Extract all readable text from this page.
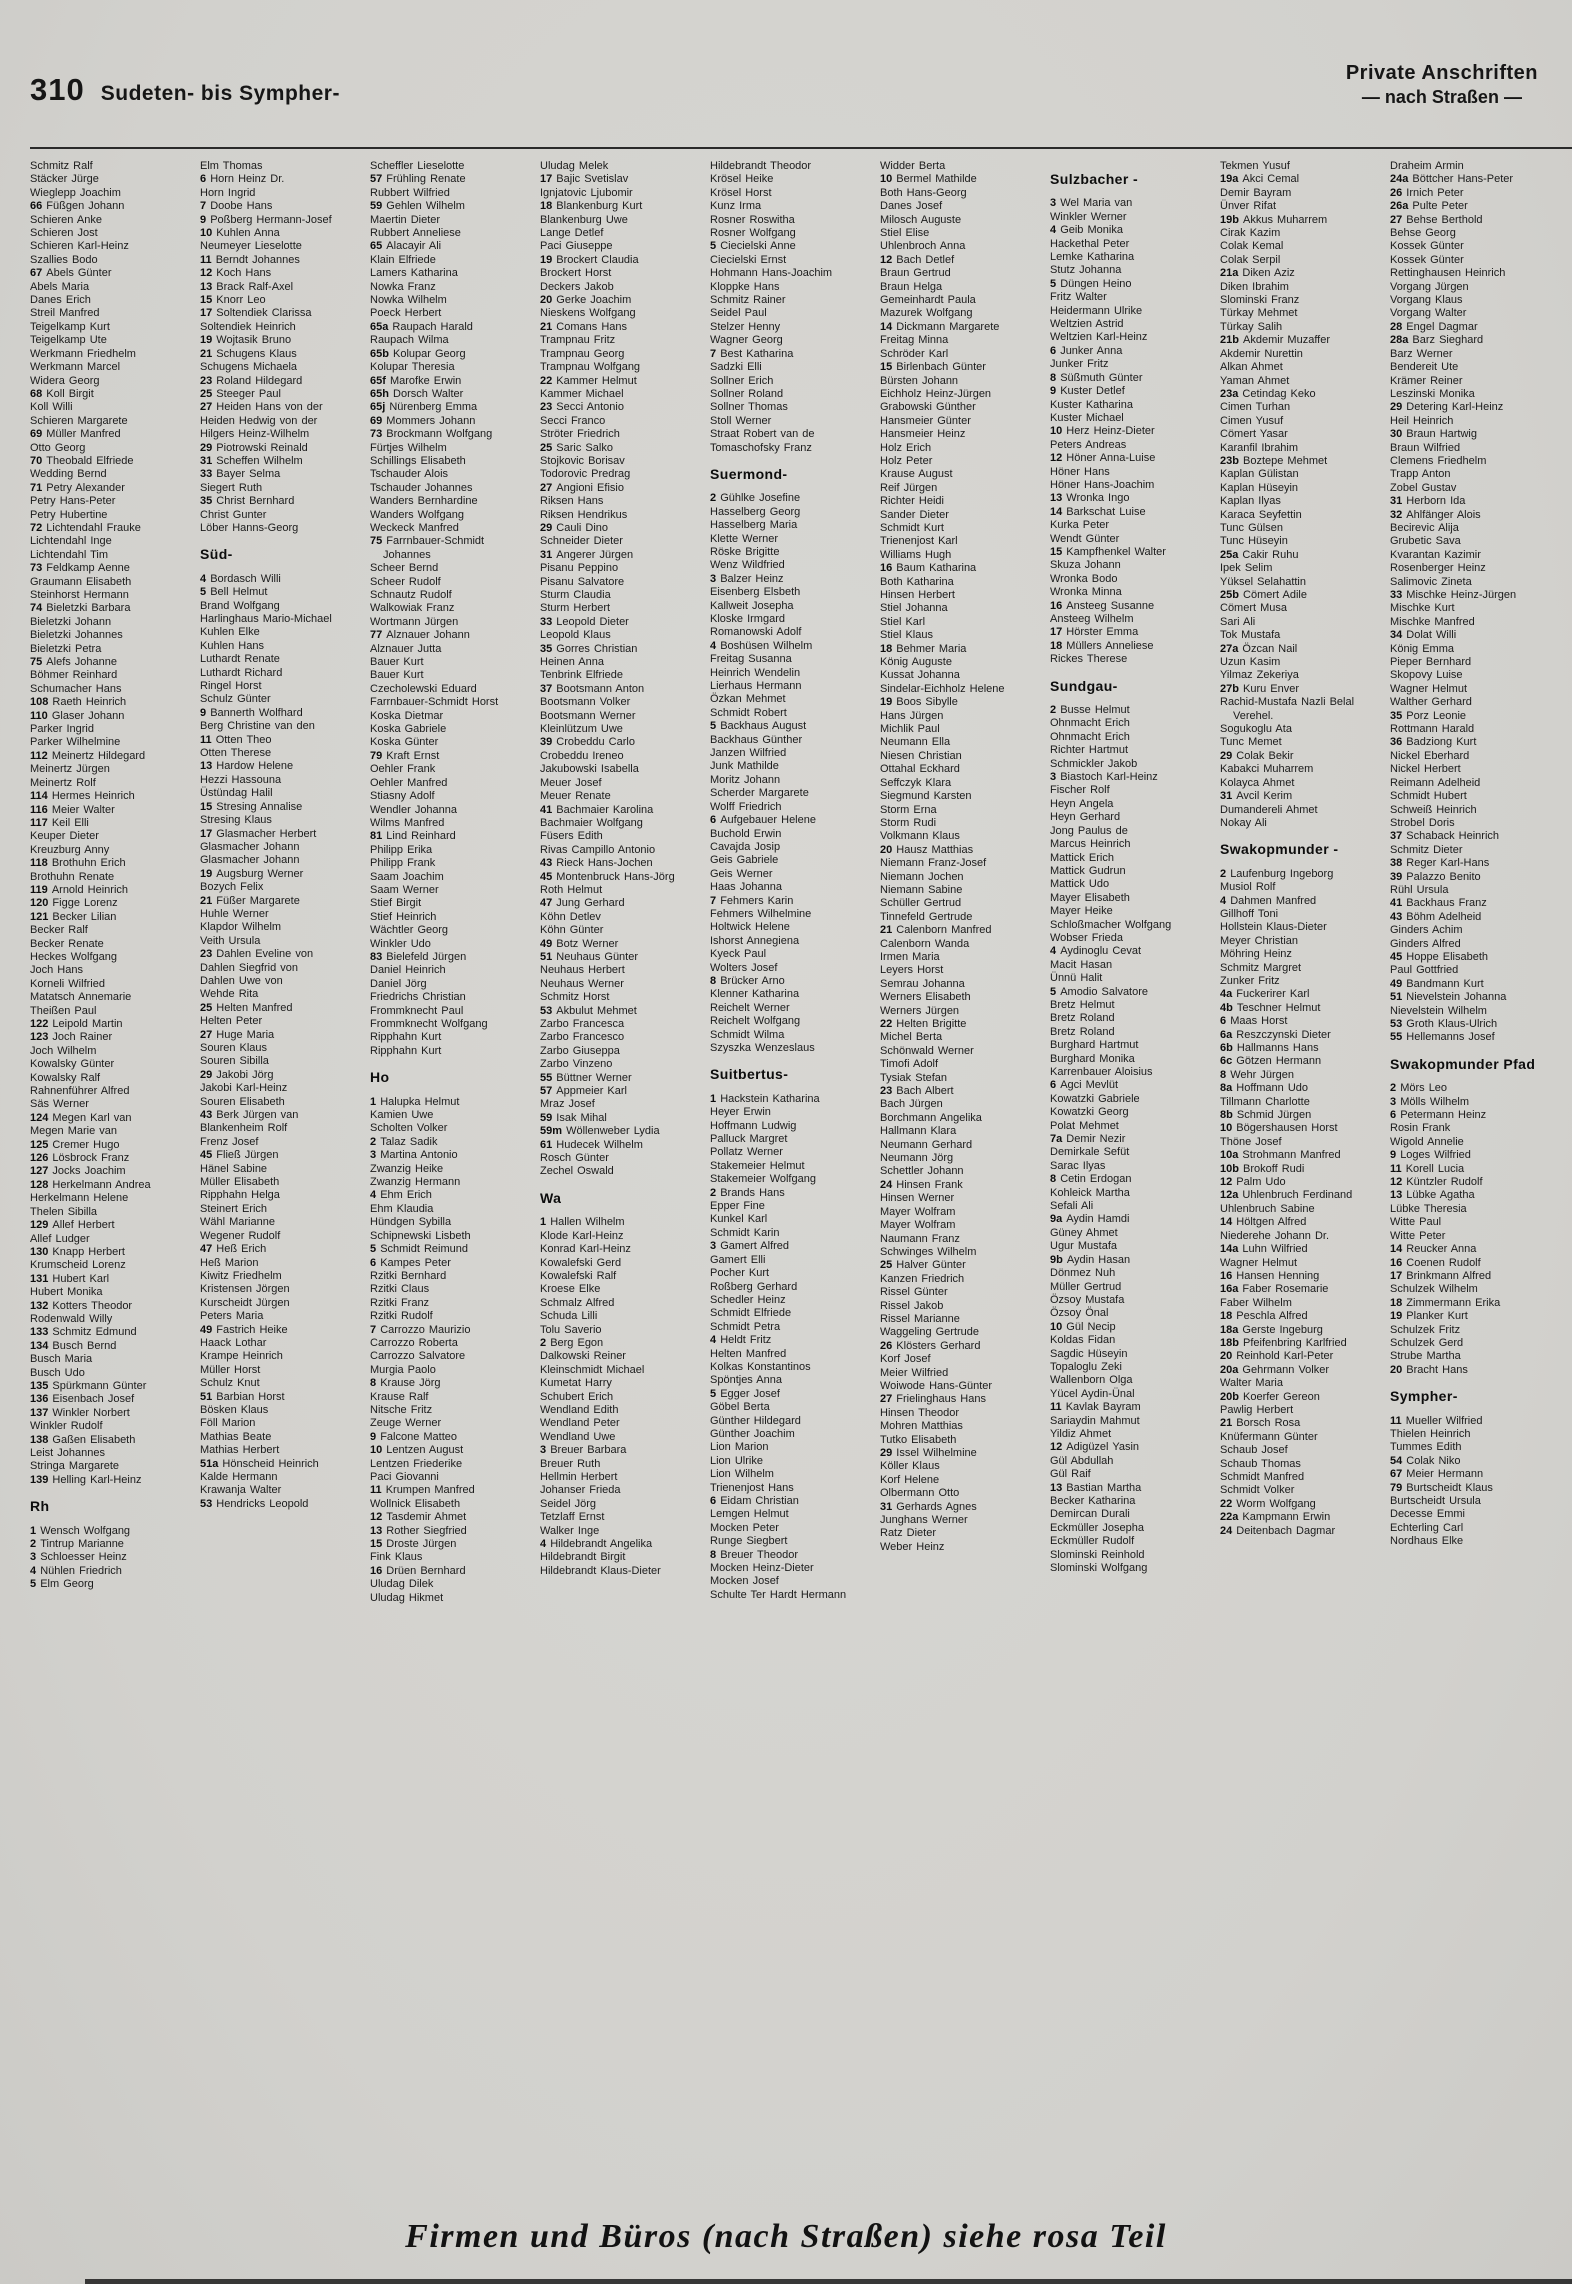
310 Sudeten- bis Sympher-
Private Anschriften
— nach Straßen —
Schmitz Ralf
Stäcker Jürge
Wieglepp Joachim
66 Füßgen Johann
Schieren Anke
Schieren Jost
Schieren Karl-Heinz
Szallies Bodo
67 Abels Günter
Abels Maria
Danes Erich
Streil Manfred
Teigelkamp Kurt
Teigelkamp Ute
Werkmann Friedhelm
Werkmann Marcel
Widera Georg
68 Koll Birgit
Koll Willi
Schieren Margarete
69 Müller Manfred
Otto Georg
70 Theobald Elfriede
Wedding Bernd
71 Petry Alexander
Petry Hans-Peter
Petry Hubertine
72 Lichtendahl Frauke
Lichtendahl Inge
Lichtendahl Tim
73 Feldkamp Aenne
Graumann Elisabeth
Steinhorst Hermann
74 Bieletzki Barbara
Bieletzki Johann
Bieletzki Johannes
Bieletzki Petra
75 Alefs Johanne
Böhmer Reinhard
Schumacher Hans
108 Raeth Heinrich
110 Glaser Johann
Parker Ingrid
Parker Wilhelmine
112 Meinertz Hildegard
Meinertz Jürgen
Meinertz Rolf
114 Hermes Heinrich
116 Meier Walter
117 Keil Elli
Keuper Dieter
Kreuzburg Anny
118 Brothuhn Erich
Brothuhn Renate
119 Arnold Heinrich
120 Figge Lorenz
121 Becker Lilian
Becker Ralf
Becker Renate
Heckes Wolfgang
Joch Hans
Korneli Wilfried
Matatsch Annemarie
Theißen Paul
122 Leipold Martin
123 Joch Rainer
Joch Wilhelm
Kowalsky Günter
Kowalsky Ralf
Rahnenführer Alfred
Säs Werner
124 Megen Karl van
Megen Marie van
125 Cremer Hugo
126 Lösbrock Franz
127 Jocks Joachim
128 Herkelmann Andrea
Herkelmann Helene
Thelen Sibilla
129 Allef Herbert
Allef Ludger
130 Knapp Herbert
Krumscheid Lorenz
131 Hubert Karl
Hubert Monika
132 Kotters Theodor
Rodenwald Willy
133 Schmitz Edmund
134 Busch Bernd
Busch Maria
Busch Udo
135 Spürkmann Günter
136 Eisenbach Josef
137 Winkler Norbert
Winkler Rudolf
138 Gaßen Elisabeth
Leist Johannes
Stringa Margarete
139 Helling Karl-Heinz
Rh
1 Wensch Wolfgang
2 Tintrup Marianne
3 Schloesser Heinz
4 Nühlen Friedrich
5 Elm Georg
Elm Thomas
6 Horn Heinz Dr.
Horn Ingrid
7 Doobe Hans
9 Poßberg Hermann-Josef
10 Kuhlen Anna
Neumeyer Lieselotte
11 Berndt Johannes
12 Koch Hans
13 Brack Ralf-Axel
15 Knorr Leo
17 Soltendiek Clarissa
Soltendiek Heinrich
19 Wojtasik Bruno
21 Schugens Klaus
Schugens Michaela
23 Roland Hildegard
25 Steeger Paul
27 Heiden Hans von der
Heiden Hedwig von der
Hilgers Heinz-Wilhelm
29 Piotrowski Reinald
31 Scheffen Wilhelm
33 Bayer Selma
Siegert Ruth
35 Christ Bernhard
Christ Gunter
Löber Hanns-Georg
Süd-
4 Bordasch Willi
5 Bell Helmut
Brand Wolfgang
Harlinghaus Mario-Michael
Kuhlen Elke
Kuhlen Hans
Luthardt Renate
Luthardt Richard
Ringel Horst
Schulz Günter
9 Bannerth Wolfhard
Berg Christine van den
11 Otten Theo
Otten Therese
13 Hardow Helene
Hezzi Hassouna
Üstündag Halil
15 Stresing Annalise
Stresing Klaus
17 Glasmacher Herbert
Glasmacher Johann
Glasmacher Johann
19 Augsburg Werner
Bozych Felix
21 Füßer Margarete
Huhle Werner
Klapdor Wilhelm
Veith Ursula
23 Dahlen Eveline von
Dahlen Siegfrid von
Dahlen Uwe von
Wehde Rita
25 Helten Manfred
Helten Peter
27 Huge Maria
Souren Klaus
Souren Sibilla
29 Jakobi Jörg
Jakobi Karl-Heinz
Souren Elisabeth
43 Berk Jürgen van
Blankenheim Rolf
Frenz Josef
45 Fließ Jürgen
Hänel Sabine
Müller Elisabeth
Ripphahn Helga
Steinert Erich
Wähl Marianne
Wegener Rudolf
47 Heß Erich
Heß Marion
Kiwitz Friedhelm
Kristensen Jörgen
Kurscheidt Jürgen
Peters Maria
49 Fastrich Heike
Haack Lothar
Krampe Heinrich
Müller Horst
Schulz Knut
51 Barbian Horst
Bösken Klaus
Föll Marion
Mathias Beate
Mathias Herbert
51a Hönscheid Heinrich
Kalde Hermann
Krawanja Walter
53 Hendricks Leopold
Scheffler Lieselotte
57 Frühling Renate
Rubbert Wilfried
59 Gehlen Wilhelm
Maertin Dieter
Rubbert Anneliese
65 Alacayir Ali
Klain Elfriede
Lamers Katharina
Nowka Franz
Nowka Wilhelm
Poeck Herbert
65a Raupach Harald
Raupach Wilma
65b Kolupar Georg
Kolupar Theresia
65f Marofke Erwin
65h Dorsch Walter
65j Nürenberg Emma
69 Mommers Johann
73 Brockmann Wolfgang
Fürtjes Wilhelm
Schillings Elisabeth
Tschauder Alois
Tschauder Johannes
Wanders Bernhardine
Wanders Wolfgang
Weckeck Manfred
75 Farrnbauer-Schmidt Johannes
Scheer Bernd
Scheer Rudolf
Schnautz Rudolf
Walkowiak Franz
Wortmann Jürgen
77 Alznauer Johann
Alznauer Jutta
Bauer Kurt
Bauer Kurt
Czecholewski Eduard
Farrnbauer-Schmidt Horst
Koska Dietmar
Koska Gabriele
Koska Günter
79 Kraft Ernst
Oehler Frank
Oehler Manfred
Stiasny Adolf
Wendler Johanna
Wilms Manfred
81 Lind Reinhard
Philipp Erika
Philipp Frank
Saam Joachim
Saam Werner
Stief Birgit
Stief Heinrich
Wächtler Georg
Winkler Udo
83 Bielefeld Jürgen
Daniel Heinrich
Daniel Jörg
Friedrichs Christian
Frommknecht Paul
Frommknecht Wolfgang
Ripphahn Kurt
Ripphahn Kurt
Ho
1 Halupka Helmut
Kamien Uwe
Scholten Volker
2 Talaz Sadik
3 Martina Antonio
Zwanzig Heike
Zwanzig Hermann
4 Ehm Erich
Ehm Klaudia
Hündgen Sybilla
Schipnewski Lisbeth
5 Schmidt Reimund
6 Kampes Peter
Rzitki Bernhard
Rzitki Claus
Rzitki Franz
Rzitki Rudolf
7 Carrozzo Maurizio
Carrozzo Roberta
Carrozzo Salvatore
Murgia Paolo
8 Krause Jörg
Krause Ralf
Nitsche Fritz
Zeuge Werner
9 Falcone Matteo
10 Lentzen August
Lentzen Friederike
Paci Giovanni
11 Krumpen Manfred
Wollnick Elisabeth
12 Tasdemir Ahmet
13 Rother Siegfried
15 Droste Jürgen
Fink Klaus
16 Drüen Bernhard
Uludag Dilek
Uludag Hikmet
Uludag Melek
17 Bajic Svetislav
Ignjatovic Ljubomir
18 Blankenburg Kurt
Blankenburg Uwe
Lange Detlef
Paci Giuseppe
19 Brockert Claudia
Brockert Horst
Deckers Jakob
20 Gerke Joachim
Nieskens Wolfgang
21 Comans Hans
Trampnau Fritz
Trampnau Georg
Trampnau Wolfgang
22 Kammer Helmut
Kammer Michael
23 Secci Antonio
Secci Franco
Ströter Friedrich
25 Saric Salko
Stojkovic Borisav
Todorovic Predrag
27 Angioni Efisio
Riksen Hans
Riksen Hendrikus
29 Cauli Dino
Schneider Dieter
31 Angerer Jürgen
Pisanu Peppino
Pisanu Salvatore
Sturm Claudia
Sturm Herbert
33 Leopold Dieter
Leopold Klaus
35 Gorres Christian
Heinen Anna
Tenbrink Elfriede
37 Bootsmann Anton
Bootsmann Volker
Bootsmann Werner
Kleinlützum Uwe
39 Crobeddu Carlo
Crobeddu Ireneo
Jakubowski Isabella
Meuer Josef
Meuer Renate
41 Bachmaier Karolina
Bachmaier Wolfgang
Füsers Edith
Rivas Campillo Antonio
43 Rieck Hans-Jochen
45 Montenbruck Hans-Jörg
Roth Helmut
47 Jung Gerhard
Köhn Detlev
Köhn Günter
49 Botz Werner
51 Neuhaus Günter
Neuhaus Herbert
Neuhaus Werner
Schmitz Horst
53 Akbulut Mehmet
Zarbo Francesca
Zarbo Francesco
Zarbo Giuseppa
Zarbo Vinzeno
55 Büttner Werner
57 Appmeier Karl
Mraz Josef
59 Isak Mihal
59m Wöllenweber Lydia
61 Hudecek Wilhelm
Rosch Günter
Zechel Oswald
Wa
1 Hallen Wilhelm
Klode Karl-Heinz
Konrad Karl-Heinz
Kowalefski Gerd
Kowalefski Ralf
Kroese Elke
Schmalz Alfred
Schuda Lilli
Tolu Saverio
2 Berg Egon
Dalkowski Reiner
Kleinschmidt Michael
Kumetat Harry
Schubert Erich
Wendland Edith
Wendland Peter
Wendland Uwe
3 Breuer Barbara
Breuer Ruth
Hellmin Herbert
Johanser Frieda
Seidel Jörg
Tetzlaff Ernst
Walker Inge
4 Hildebrandt Angelika
Hildebrandt Birgit
Hildebrandt Klaus-Dieter
Hildebrandt Theodor
Krösel Heike
Krösel Horst
Kunz Irma
Rosner Roswitha
Rosner Wolfgang
5 Ciecielski Anne
Ciecielski Ernst
Hohmann Hans-Joachim
Kloppke Hans
Schmitz Rainer
Seidel Paul
Stelzer Henny
Wagner Georg
7 Best Katharina
Sadzki Elli
Sollner Erich
Sollner Roland
Sollner Thomas
Stoll Werner
Straat Robert van de
Tomaschofsky Franz
Suermond-
2 Gühlke Josefine
Hasselberg Georg
Hasselberg Maria
Klette Werner
Röske Brigitte
Wenz Wildfried
3 Balzer Heinz
Eisenberg Elsbeth
Kallweit Josepha
Kloske Irmgard
Romanowski Adolf
4 Boshüsen Wilhelm
Freitag Susanna
Heinrich Wendelin
Lierhaus Hermann
Özkan Mehmet
Schmidt Robert
5 Backhaus August
Backhaus Günther
Janzen Wilfried
Junk Mathilde
Moritz Johann
Scherder Margarete
Wolff Friedrich
6 Aufgebauer Helene
Buchold Erwin
Cavajda Josip
Geis Gabriele
Geis Werner
Haas Johanna
7 Fehmers Karin
Fehmers Wilhelmine
Holtwick Helene
Ishorst Annegiena
Kyeck Paul
Wolters Josef
8 Brücker Arno
Klenner Katharina
Reichelt Werner
Reichelt Wolfgang
Schmidt Wilma
Szyszka Wenzeslaus
Suitbertus-
1 Hackstein Katharina
Heyer Erwin
Hoffmann Ludwig
Palluck Margret
Pollatz Werner
Stakemeier Helmut
Stakemeier Wolfgang
2 Brands Hans
Epper Fine
Kunkel Karl
Schmidt Karin
3 Gamert Alfred
Gamert Elli
Pocher Kurt
Roßberg Gerhard
Schedler Heinz
Schmidt Elfriede
Schmidt Petra
4 Heldt Fritz
Helten Manfred
Kolkas Konstantinos
Spöntjes Anna
5 Egger Josef
Göbel Berta
Günther Hildegard
Günther Joachim
Lion Marion
Lion Ulrike
Lion Wilhelm
Trienenjost Hans
6 Eidam Christian
Lemgen Helmut
Mocken Peter
Runge Siegbert
8 Breuer Theodor
Mocken Heinz-Dieter
Mocken Josef
Schulte Ter Hardt Hermann
Widder Berta
10 Bermel Mathilde
Both Hans-Georg
Danes Josef
Milosch Auguste
Stiel Elise
Uhlenbroch Anna
12 Bach Detlef
Braun Gertrud
Braun Helga
Gemeinhardt Paula
Mazurek Wolfgang
14 Dickmann Margarete
Freitag Minna
Schröder Karl
15 Birlenbach Günter
Bürsten Johann
Eichholz Heinz-Jürgen
Grabowski Günther
Hansmeier Günter
Hansmeier Heinz
Holz Erich
Holz Peter
Krause August
Reif Jürgen
Richter Heidi
Sander Dieter
Schmidt Kurt
Trienenjost Karl
Williams Hugh
16 Baum Katharina
Both Katharina
Hinsen Herbert
Stiel Johanna
Stiel Karl
Stiel Klaus
18 Behmer Maria
König Auguste
Kussat Johanna
Sindelar-Eichholz Helene
19 Boos Sibylle
Hans Jürgen
Michlik Paul
Neumann Ella
Niesen Christian
Ottahal Eckhard
Seffczyk Klara
Siegmund Karsten
Storm Erna
Storm Rudi
Volkmann Klaus
20 Hausz Matthias
Niemann Franz-Josef
Niemann Jochen
Niemann Sabine
Schüller Gertrud
Tinnefeld Gertrude
21 Calenborn Manfred
Calenborn Wanda
Irmen Maria
Leyers Horst
Semrau Johanna
Werners Elisabeth
Werners Jürgen
22 Helten Brigitte
Michel Berta
Schönwald Werner
Timofi Adolf
Tysiak Stefan
23 Bach Albert
Bach Jürgen
Borchmann Angelika
Hallmann Klara
Neumann Gerhard
Neumann Jörg
Schettler Johann
24 Hinsen Frank
Hinsen Werner
Mayer Wolfram
Mayer Wolfram
Naumann Franz
Schwinges Wilhelm
25 Halver Günter
Kanzen Friedrich
Rissel Günter
Rissel Jakob
Rissel Marianne
Waggeling Gertrude
26 Klösters Gerhard
Korf Josef
Meier Wilfried
Woiwode Hans-Günter
27 Frielinghaus Hans
Hinsen Theodor
Mohren Matthias
Tutko Elisabeth
29 Issel Wilhelmine
Köller Klaus
Korf Helene
Olbermann Otto
31 Gerhards Agnes
Junghans Werner
Ratz Dieter
Weber Heinz
Sulzbacher -
3 Wel Maria van
Winkler Werner
4 Geib Monika
Hackethal Peter
Lemke Katharina
Stutz Johanna
5 Düngen Heino
Fritz Walter
Heidermann Ulrike
Weltzien Astrid
Weltzien Karl-Heinz
6 Junker Anna
Junker Fritz
8 Süßmuth Günter
9 Kuster Detlef
Kuster Katharina
Kuster Michael
10 Herz Heinz-Dieter
Peters Andreas
12 Höner Anna-Luise
Höner Hans
Höner Hans-Joachim
13 Wronka Ingo
14 Barkschat Luise
Kurka Peter
Wendt Günter
15 Kampfhenkel Walter
Skuza Johann
Wronka Bodo
Wronka Minna
16 Ansteeg Susanne
Ansteeg Wilhelm
17 Hörster Emma
18 Müllers Anneliese
Rickes Therese
Sundgau-
2 Busse Helmut
Ohnmacht Erich
Ohnmacht Erich
Richter Hartmut
Schmickler Jakob
3 Biastoch Karl-Heinz
Fischer Rolf
Heyn Angela
Heyn Gerhard
Jong Paulus de
Marcus Heinrich
Mattick Erich
Mattick Gudrun
Mattick Udo
Mayer Elisabeth
Mayer Heike
Schloßmacher Wolfgang
Wobser Frieda
4 Aydinoglu Cevat
Macit Hasan
Ünnü Halit
5 Amodio Salvatore
Bretz Helmut
Bretz Roland
Bretz Roland
Burghard Hartmut
Burghard Monika
Karrenbauer Aloisius
6 Agci Mevlüt
Kowatzki Gabriele
Kowatzki Georg
Polat Mehmet
7a Demir Nezir
Demirkale Sefüt
Sarac Ilyas
8 Cetin Erdogan
Kohleick Martha
Sefali Ali
9a Aydin Hamdi
Güney Ahmet
Ugur Mustafa
9b Aydin Hasan
Dönmez Nuh
Müller Gertrud
Özsoy Mustafa
Özsoy Önal
10 Gül Necip
Koldas Fidan
Sagdic Hüseyin
Topaloglu Zeki
Wallenborn Olga
Yücel Aydin-Ünal
11 Kavlak Bayram
Sariaydin Mahmut
Yildiz Ahmet
12 Adigüzel Yasin
Gül Abdullah
Gül Raif
13 Bastian Martha
Becker Katharina
Demircan Durali
Eckmüller Josepha
Eckmüller Rudolf
Slominski Reinhold
Slominski Wolfgang
Tekmen Yusuf
19a Akci Cemal
Demir Bayram
Ünver Rifat
19b Akkus Muharrem
Cirak Kazim
Colak Kemal
Colak Serpil
21a Diken Aziz
Diken Ibrahim
Slominski Franz
Türkay Mehmet
Türkay Salih
21b Akdemir Muzaffer
Akdemir Nurettin
Alkan Ahmet
Yaman Ahmet
23a Cetindag Keko
Cimen Turhan
Cimen Yusuf
Cömert Yasar
Karanfil Ibrahim
23b Boztepe Mehmet
Kaplan Gülistan
Kaplan Hüseyin
Kaplan Ilyas
Karaca Seyfettin
Tunc Gülsen
Tunc Hüseyin
25a Cakir Ruhu
Ipek Selim
Yüksel Selahattin
25b Cömert Adile
Cömert Musa
Sari Ali
Tok Mustafa
27a Özcan Nail
Uzun Kasim
Yilmaz Zekeriya
27b Kuru Enver
Rachid-Mustafa Nazli Belal Verehel.
Sogukoglu Ata
Tunc Memet
29 Colak Bekir
Kabakci Muharrem
Kolayca Ahmet
31 Avcil Kerim
Dumandereli Ahmet
Nokay Ali
Swakopmunder -
2 Laufenburg Ingeborg
Musiol Rolf
4 Dahmen Manfred
Gillhoff Toni
Hollstein Klaus-Dieter
Meyer Christian
Möhring Heinz
Schmitz Margret
Zunker Fritz
4a Fuckerirer Karl
4b Teschner Helmut
6 Maas Horst
6a Reszczynski Dieter
6b Hallmanns Hans
6c Götzen Hermann
8 Wehr Jürgen
8a Hoffmann Udo
Tillmann Charlotte
8b Schmid Jürgen
10 Bögershausen Horst
Thöne Josef
10a Strohmann Manfred
10b Brokoff Rudi
12 Palm Udo
12a Uhlenbruch Ferdinand
Uhlenbruch Sabine
14 Höltgen Alfred
Niederehe Johann Dr.
14a Luhn Wilfried
Wagner Helmut
16 Hansen Henning
16a Faber Rosemarie
Faber Wilhelm
18 Peschla Alfred
18a Gerste Ingeburg
18b Pfeifenbring Karlfried
20 Reinhold Karl-Peter
20a Gehrmann Volker
Walter Maria
20b Koerfer Gereon
Pawlig Herbert
21 Borsch Rosa
Knüfermann Günter
Schaub Josef
Schaub Thomas
Schmidt Manfred
Schmidt Volker
22 Worm Wolfgang
22a Kampmann Erwin
24 Deitenbach Dagmar
Draheim Armin
24a Böttcher Hans-Peter
26 Irnich Peter
26a Pulte Peter
27 Behse Berthold
Behse Georg
Kossek Günter
Kossek Günter
Rettinghausen Heinrich
Vorgang Jürgen
Vorgang Klaus
Vorgang Walter
28 Engel Dagmar
28a Barz Sieghard
Barz Werner
Bendereit Ute
Krämer Reiner
Leszinski Monika
29 Detering Karl-Heinz
Heil Heinrich
30 Braun Hartwig
Braun Wilfried
Clemens Friedhelm
Trapp Anton
Zobel Gustav
31 Herborn Ida
32 Ahlfänger Alois
Becirevic Alija
Grubetic Sava
Kvarantan Kazimir
Rosenberger Heinz
Salimovic Zineta
33 Mischke Heinz-Jürgen
Mischke Kurt
Mischke Manfred
34 Dolat Willi
König Emma
Pieper Bernhard
Skopovy Luise
Wagner Helmut
Walther Gerhard
35 Porz Leonie
Rottmann Harald
36 Badziong Kurt
Nickel Eberhard
Nickel Herbert
Reimann Adelheid
Schmidt Hubert
Schweiß Heinrich
Strobel Doris
37 Schaback Heinrich
Schmitz Dieter
38 Reger Karl-Hans
39 Palazzo Benito
Rühl Ursula
41 Backhaus Franz
43 Böhm Adelheid
Ginders Achim
Ginders Alfred
45 Hoppe Elisabeth
Paul Gottfried
49 Bandmann Kurt
51 Nievelstein Johanna
Nievelstein Wilhelm
53 Groth Klaus-Ulrich
55 Hellemanns Josef
Swakopmunder Pfad
2 Mörs Leo
3 Mölls Wilhelm
6 Petermann Heinz
Rosin Frank
Wigold Annelie
9 Loges Wilfried
11 Korell Lucia
12 Küntzler Rudolf
13 Lübke Agatha
Lübke Theresia
Witte Paul
Witte Peter
14 Reucker Anna
16 Coenen Rudolf
17 Brinkmann Alfred
Schulzek Wilhelm
18 Zimmermann Erika
19 Planker Kurt
Schulzek Fritz
Schulzek Gerd
Strube Martha
20 Bracht Hans
Sympher-
11 Mueller Wilfried
Thielen Heinrich
Tummes Edith
54 Colak Niko
67 Meier Hermann
79 Burtscheidt Klaus
Burtscheidt Ursula
Decesse Emmi
Echterling Carl
Nordhaus Elke
Firmen und Büros (nach Straßen) siehe rosa Teil
